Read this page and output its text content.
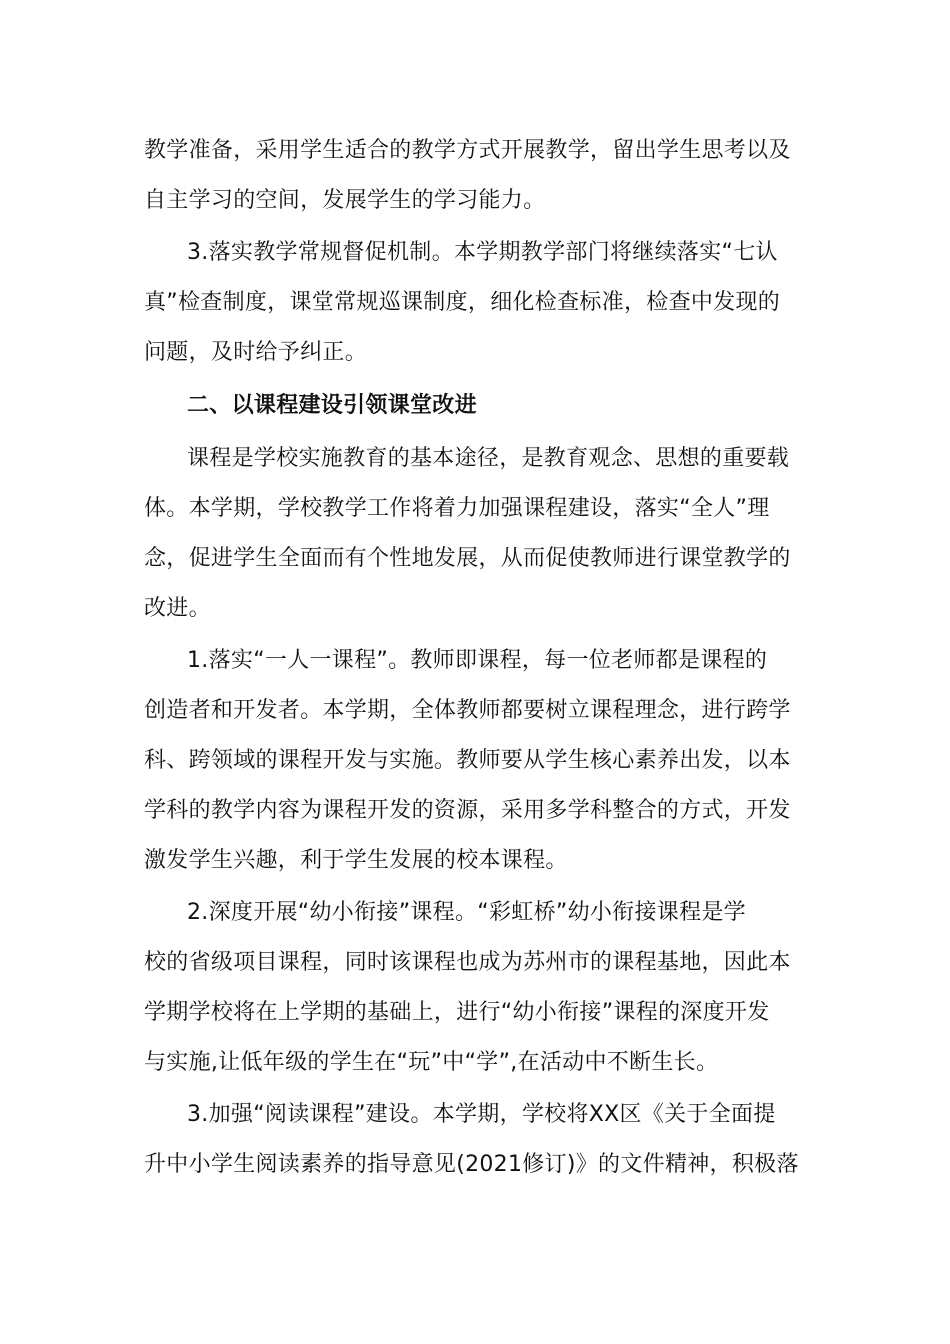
教学准备，采用学生适合的教学方式开展教学，留出学生思考以及
自主学习的空间，发展学生的学习能力。
3.落实教学常规督促机制。本学期教学部门将继续落实“七认
真”检查制度，课堂常规巡课制度，细化检查标准，检查中发现的
问题，及时给予纠正。
二、以课程建设引领课堂改进
课程是学校实施教育的基本途径，是教育观念、思想的重要载
体。本学期，学校教学工作将着力加强课程建设，落实“全人”理
念，促进学生全面而有个性地发展，从而促使教师进行课堂教学的
改进。
1.落实“一人一课程”。教师即课程，每一位老师都是课程的
创造者和开发者。本学期，全体教师都要树立课程理念，进行跨学
科、跨领域的课程开发与实施。教师要从学生核心素养出发，以本
学科的教学内容为课程开发的资源，采用多学科整合的方式，开发
激发学生兴趣，利于学生发展的校本课程。
2.深度开展“幼小衔接”课程。“彩虹桥”幼小衔接课程是学
校的省级项目课程，同时该课程也成为苏州市的课程基地，因此本
学期学校将在上学期的基础上，进行“幼小衔接”课程的深度开发
与实施,让低年级的学生在“玩”中“学”,在活动中不断生长。
3.加强“阅读课程”建设。本学期，学校将XX区《关于全面提
升中小学生阅读素养的指导意见(2021修订)》的文件精神，积极落
